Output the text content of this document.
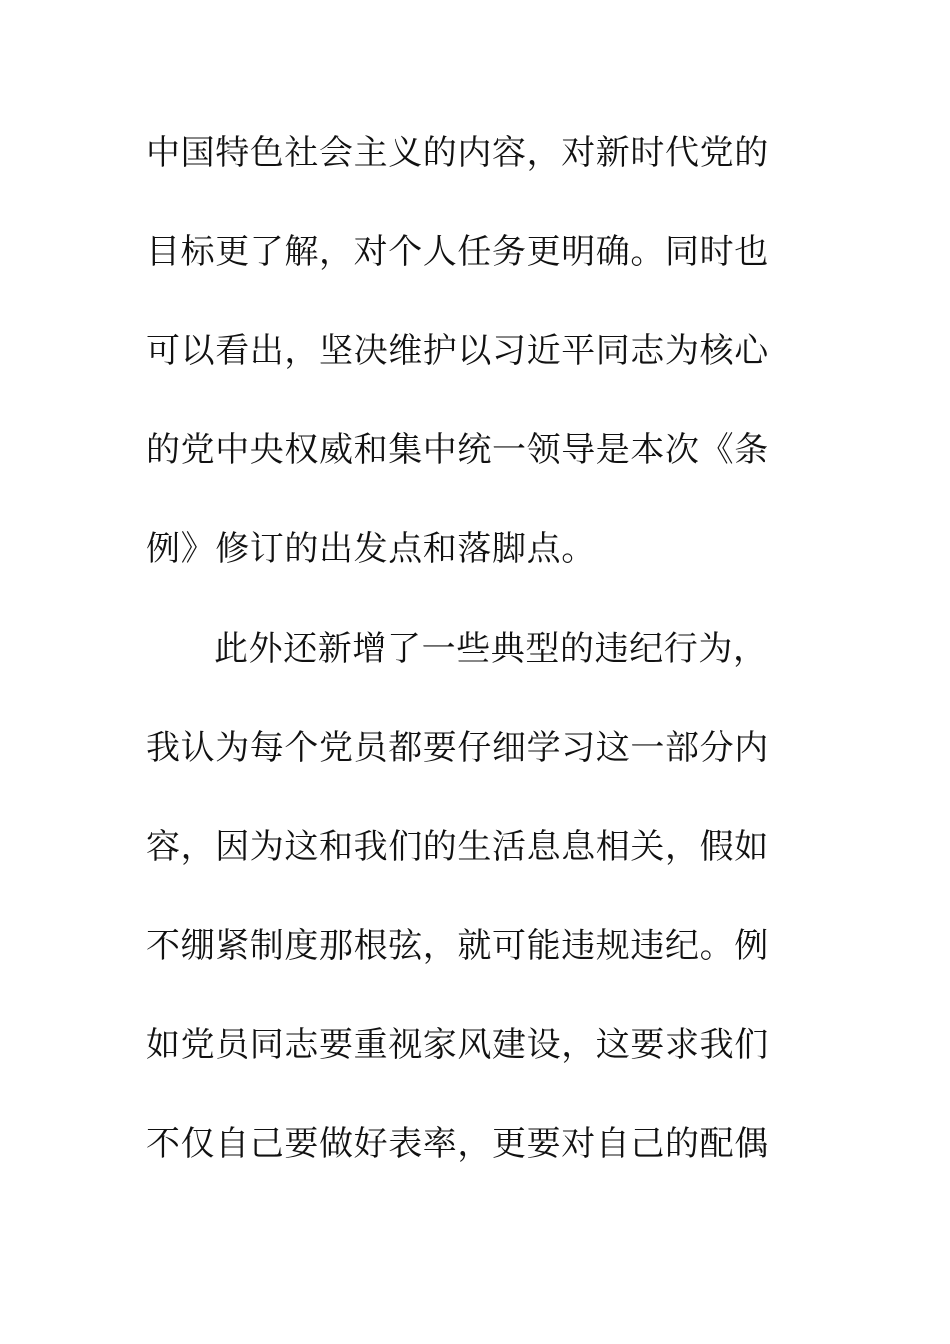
中国特色社会主义的内容，对新时代党的
目标更了解，对个人任务更明确。同时也
可以看出，坚决维护以习近平同志为核心
的党中央权威和集中统一领导是本次《条
例》修订的出发点和落脚点。
此外还新增了一些典型的违纪行为，
我认为每个党员都要仔细学习这一部分内
容，因为这和我们的生活息息相关，假如
不绷紧制度那根弦，就可能违规违纪。例
如党员同志要重视家风建设，这要求我们
不仅自己要做好表率，更要对自己的配偶
